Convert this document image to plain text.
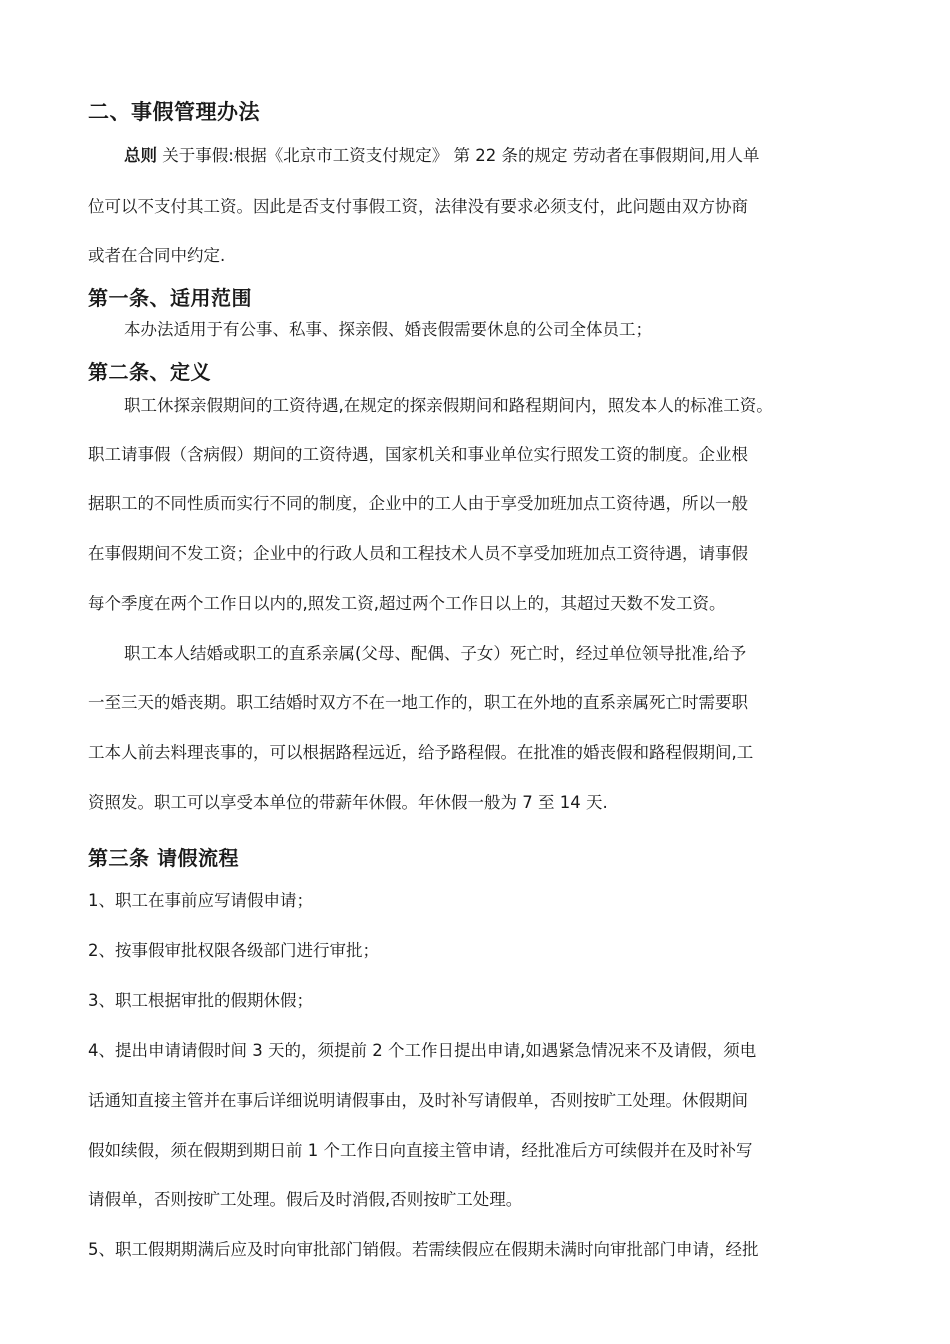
二、事假管理办法
总则 关于事假:根据《北京市工资支付规定》 第 22 条的规定 劳动者在事假期间,用人单
位可以不支付其工资。因此是否支付事假工资，法律没有要求必须支付，此问题由双方协商
或者在合同中约定.
第一条、适用范围
本办法适用于有公事、私事、探亲假、婚丧假需要休息的公司全体员工；
第二条、定义
职工休探亲假期间的工资待遇,在规定的探亲假期间和路程期间内，照发本人的标准工资。
职工请事假（含病假）期间的工资待遇，国家机关和事业单位实行照发工资的制度。企业根
据职工的不同性质而实行不同的制度，企业中的工人由于享受加班加点工资待遇，所以一般
在事假期间不发工资；企业中的行政人员和工程技术人员不享受加班加点工资待遇，请事假
每个季度在两个工作日以内的,照发工资,超过两个工作日以上的，其超过天数不发工资。
职工本人结婚或职工的直系亲属(父母、配偶、子女）死亡时，经过单位领导批准,给予
一至三天的婚丧期。职工结婚时双方不在一地工作的，职工在外地的直系亲属死亡时需要职
工本人前去料理丧事的，可以根据路程远近，给予路程假。在批准的婚丧假和路程假期间,工
资照发。职工可以享受本单位的带薪年休假。年休假一般为 7 至 14 天.
第三条 请假流程
1、职工在事前应写请假申请；
2、按事假审批权限各级部门进行审批；
3、职工根据审批的假期休假；
4、提出申请请假时间 3 天的，须提前 2 个工作日提出申请,如遇紧急情况来不及请假，须电
话通知直接主管并在事后详细说明请假事由，及时补写请假单，否则按旷工处理。休假期间
假如续假，须在假期到期日前 1 个工作日向直接主管申请，经批准后方可续假并在及时补写
请假单，否则按旷工处理。假后及时消假,否则按旷工处理。
5、职工假期期满后应及时向审批部门销假。若需续假应在假期未满时向审批部门申请，经批
